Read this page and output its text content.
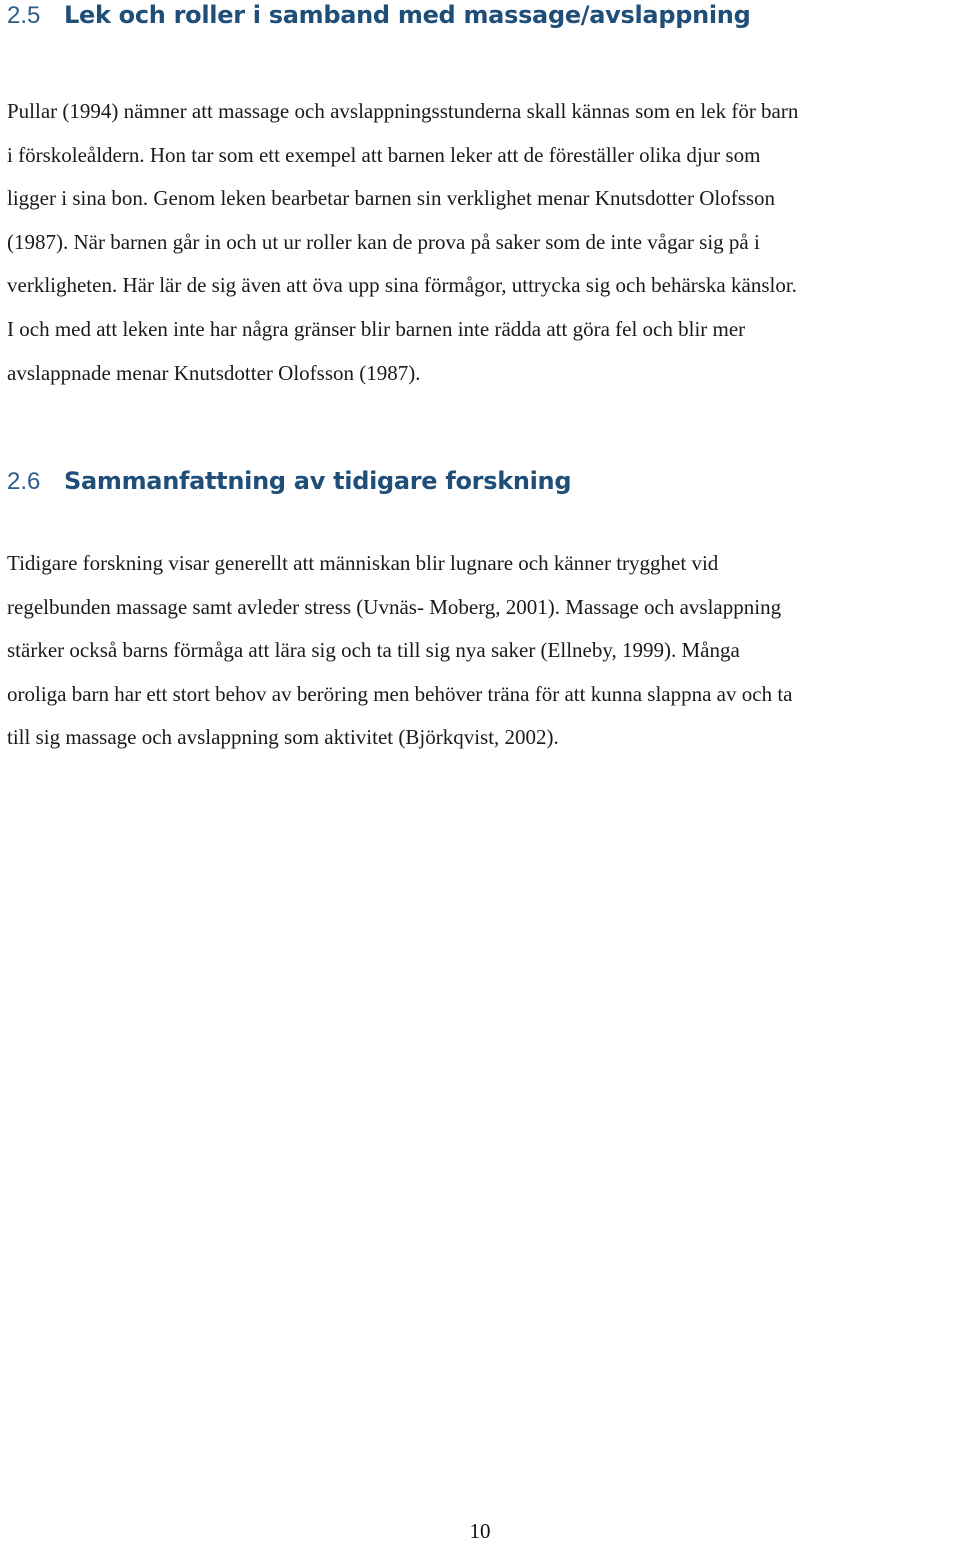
2.5 Lek och roller i samband med massage/avslappning

Pullar (1994) nämner att massage och avslappningsstunderna skall kännas som en lek för barn
i förskoleåldern. Hon tar som ett exempel att barnen leker att de föreställer olika djur som
ligger i sina bon. Genom leken bearbetar barnen sin verklighet menar Knutsdotter Olofsson
(1987). När barnen går in och ut ur roller kan de prova på saker som de inte vågar sig på i
verkligheten. Här lär de sig även att öva upp sina förmågor, uttrycka sig och behärska känslor.
I och med att leken inte har några gränser blir barnen inte rädda att göra fel och blir mer
avslappnade menar Knutsdotter Olofsson (1987).

2.6 Sammanfattning av tidigare forskning

Tidigare forskning visar generellt att människan blir lugnare och känner trygghet vid
regelbunden massage samt avleder stress (Uvnäs- Moberg, 2001). Massage och avslappning
stärker också barns förmåga att lära sig och ta till sig nya saker (Ellneby, 1999). Många
oroliga barn har ett stort behov av beröring men behöver träna för att kunna slappna av och ta
till sig massage och avslappning som aktivitet (Björkqvist, 2002).

10
